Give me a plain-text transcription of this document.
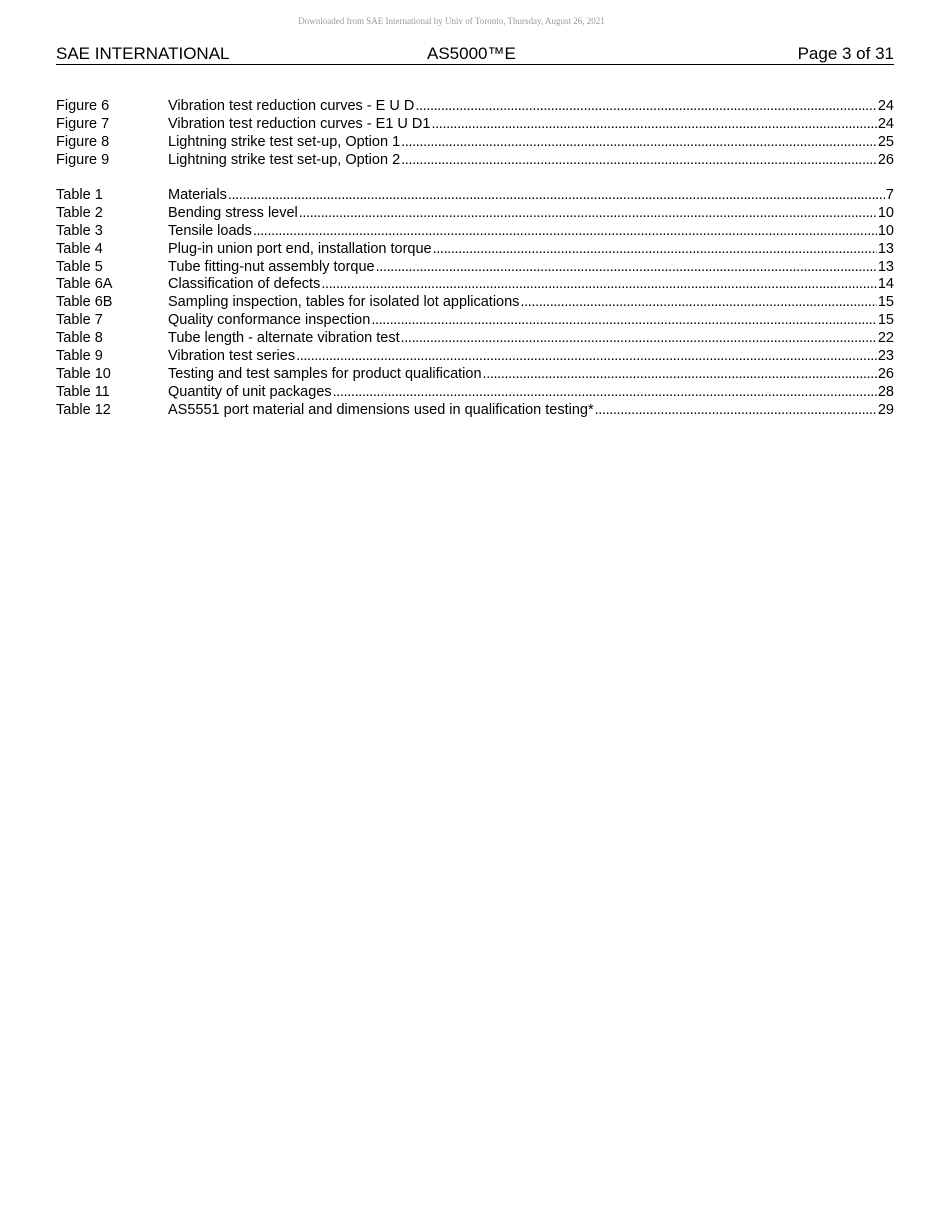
Downloaded from SAE International by Univ of Toronto, Thursday, August 26, 2021
SAE INTERNATIONAL	AS5000™E	Page 3 of 31
Figure 6	Vibration test reduction curves - E U D . . .	24
Figure 7	Vibration test reduction curves - E1 U D1 . . .	24
Figure 8	Lightning strike test set-up, Option 1 . . .	25
Figure 9	Lightning strike test set-up, Option 2 . . .	26
Table 1	Materials . . .	7
Table 2	Bending stress level . . .	10
Table 3	Tensile loads . . .	10
Table 4	Plug-in union port end, installation torque . . .	13
Table 5	Tube fitting-nut assembly torque . . .	13
Table 6A	Classification of defects . . .	14
Table 6B	Sampling inspection, tables for isolated lot applications . . .	15
Table 7	Quality conformance inspection . . .	15
Table 8	Tube length - alternate vibration test . . .	22
Table 9	Vibration test series . . .	23
Table 10	Testing and test samples for product qualification . . .	26
Table 11	Quantity of unit packages . . .	28
Table 12	AS5551 port material and dimensions used in qualification testing* . . .	29
